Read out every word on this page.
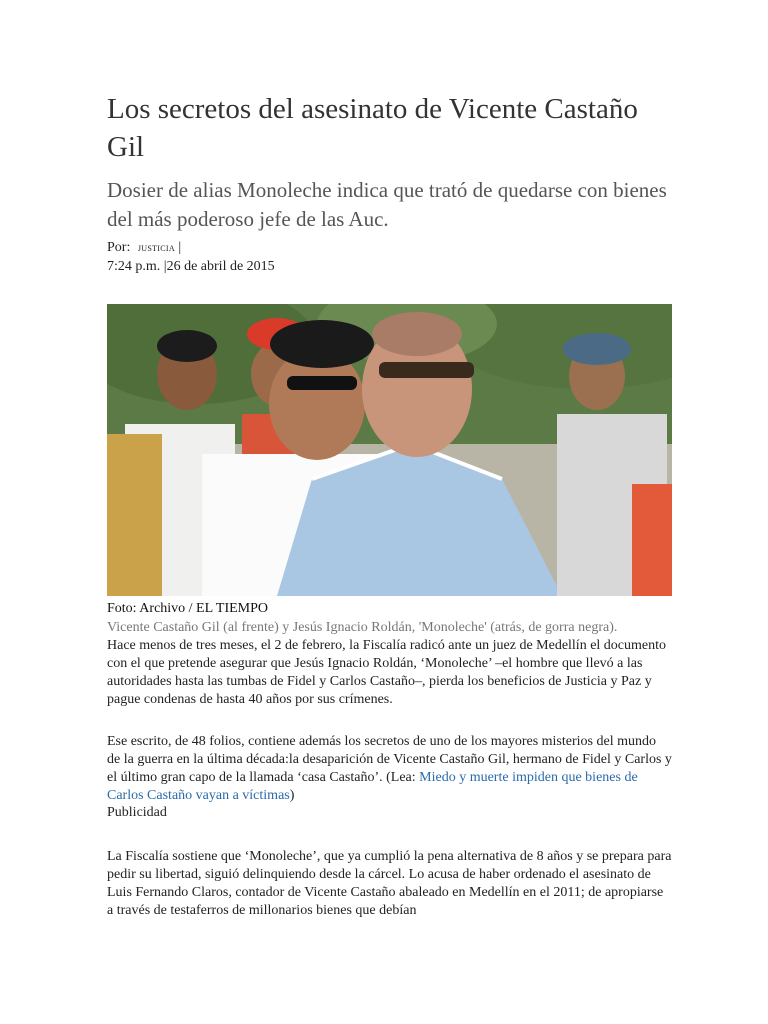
Los secretos del asesinato de Vicente Castaño Gil
Dosier de alias Monoleche indica que trató de quedarse con bienes del más poderoso jefe de las Auc.
Por: JUSTICIA |
7:24 p.m. |26 de abril de 2015
Foto: Archivo / EL TIEMPO
Vicente Castaño Gil (al frente) y Jesús Ignacio Roldán, 'Monoleche' (atrás, de gorra negra).

Hace menos de tres meses, el 2 de febrero, la Fiscalía radicó ante un juez de Medellín el documento con el que pretende asegurar que Jesús Ignacio Roldán, ‘Monoleche’ –el hombre que llevó a las autoridades hasta las tumbas de Fidel y Carlos Castaño–, pierda los beneficios de Justicia y Paz y pague condenas de hasta 40 años por sus crímenes.

Ese escrito, de 48 folios, contiene además los secretos de uno de los mayores misterios del mundo de la guerra en la última década:la desaparición de Vicente Castaño Gil, hermano de Fidel y Carlos y el último gran capo de la llamada ‘casa Castaño’. (Lea: Miedo y muerte impiden que bienes de Carlos Castaño vayan a víctimas)

Publicidad

La Fiscalía sostiene que ‘Monoleche’, que ya cumplió la pena alternativa de 8 años y se prepara para pedir su libertad, siguió delinquiendo desde la cárcel. Lo acusa de haber ordenado el asesinato de Luis Fernando Claros, contador de Vicente Castaño abaleado en Medellín en el 2011; de apropiarse a través de testaferros de millonarios bienes que debían
